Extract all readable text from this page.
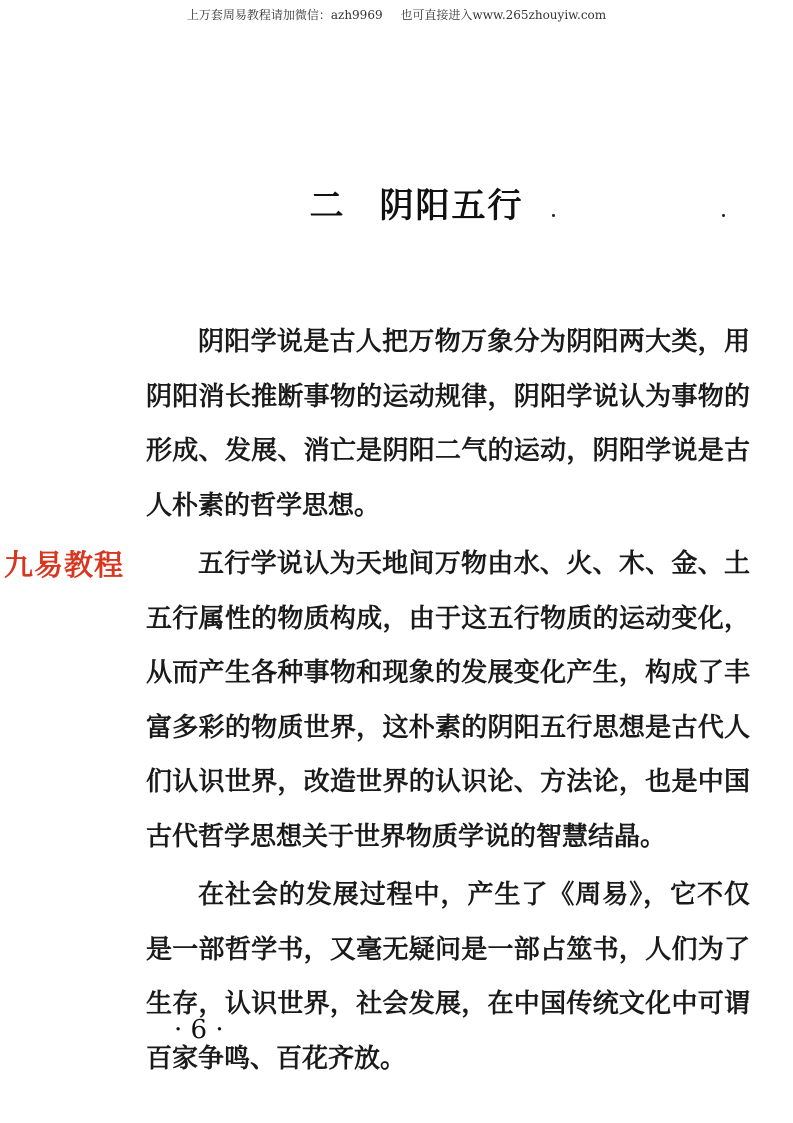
上万套周易教程请加微信：azh9969 也可直接进入www.265zhouyiw.com
二 阴阳五行

阴阳学说是古人把万物万象分为阴阳两大类，用阴阳消长推断事物的运动规律，阴阳学说认为事物的形成、发展、消亡是阴阳二气的运动，阴阳学说是古人朴素的哲学思想。

五行学说认为天地间万物由水、火、木、金、土五行属性的物质构成，由于这五行物质的运动变化，从而产生各种事物和现象的发展变化产生，构成了丰富多彩的物质世界，这朴素的阴阳五行思想是古代人们认识世界，改造世界的认识论、方法论，也是中国古代哲学思想关于世界物质学说的智慧结晶。

在社会的发展过程中，产生了《周易》，它不仅是一部哲学书，又毫无疑问是一部占筮书，人们为了生存，认识世界，社会发展，在中国传统文化中可谓百家争鸣、百花齐放。

九易教程
· 6 ·
